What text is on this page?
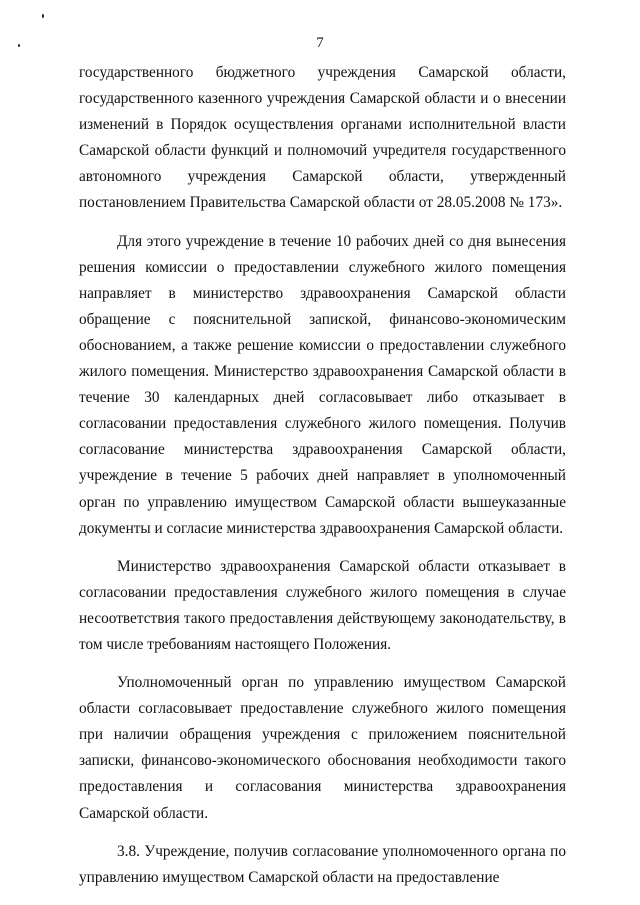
7

государственного бюджетного учреждения Самарской области, государственного казенного учреждения Самарской области и о внесении изменений в Порядок осуществления органами исполнительной власти Самарской области функций и полномочий учредителя государственного автономного учреждения Самарской области, утвержденный постановлением Правительства Самарской области от 28.05.2008 № 173».

Для этого учреждение в течение 10 рабочих дней со дня вынесения решения комиссии о предоставлении служебного жилого помещения направляет в министерство здравоохранения Самарской области обращение с пояснительной запиской, финансово-экономическим обоснованием, а также решение комиссии о предоставлении служебного жилого помещения. Министерство здравоохранения Самарской области в течение 30 календарных дней согласовывает либо отказывает в согласовании предоставления служебного жилого помещения. Получив согласование министерства здравоохранения Самарской области, учреждение в течение 5 рабочих дней направляет в уполномоченный орган по управлению имуществом Самарской области вышеуказанные документы и согласие министерства здравоохранения Самарской области.

Министерство здравоохранения Самарской области отказывает в согласовании предоставления служебного жилого помещения в случае несоответствия такого предоставления действующему законодательству, в том числе требованиям настоящего Положения.

Уполномоченный орган по управлению имуществом Самарской области согласовывает предоставление служебного жилого помещения при наличии обращения учреждения с приложением пояснительной записки, финансово-экономического обоснования необходимости такого предоставления и согласования министерства здравоохранения Самарской области.

3.8. Учреждение, получив согласование уполномоченного органа по управлению имуществом Самарской области на предоставление
